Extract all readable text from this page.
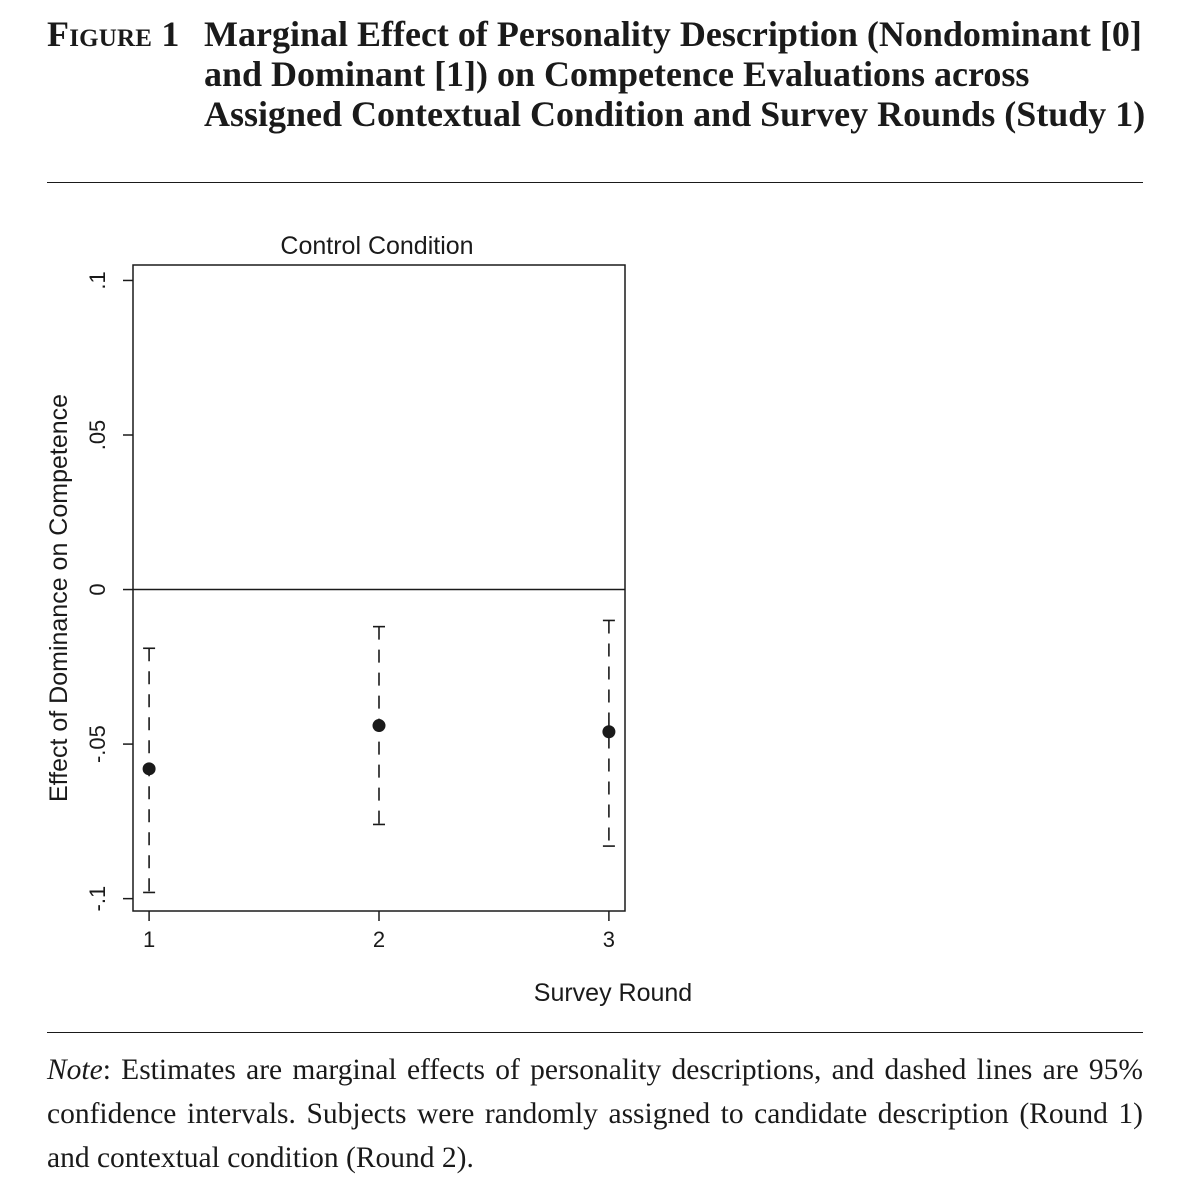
Figure 1 Marginal Effect of Personality Description (Nondominant [0] and Dominant [1]) on Competence Evaluations across Assigned Contextual Condition and Survey Rounds (Study 1)
Control Condition
-.1
-.05
0
.05
.1
1	2	3
Effect of Dominance on Competence
Survey Round
Note: Estimates are marginal effects of personality descriptions, and dashed lines are 95% confidence intervals. Subjects were randomly assigned to candidate description (Round 1) and contextual condition (Round 2).
